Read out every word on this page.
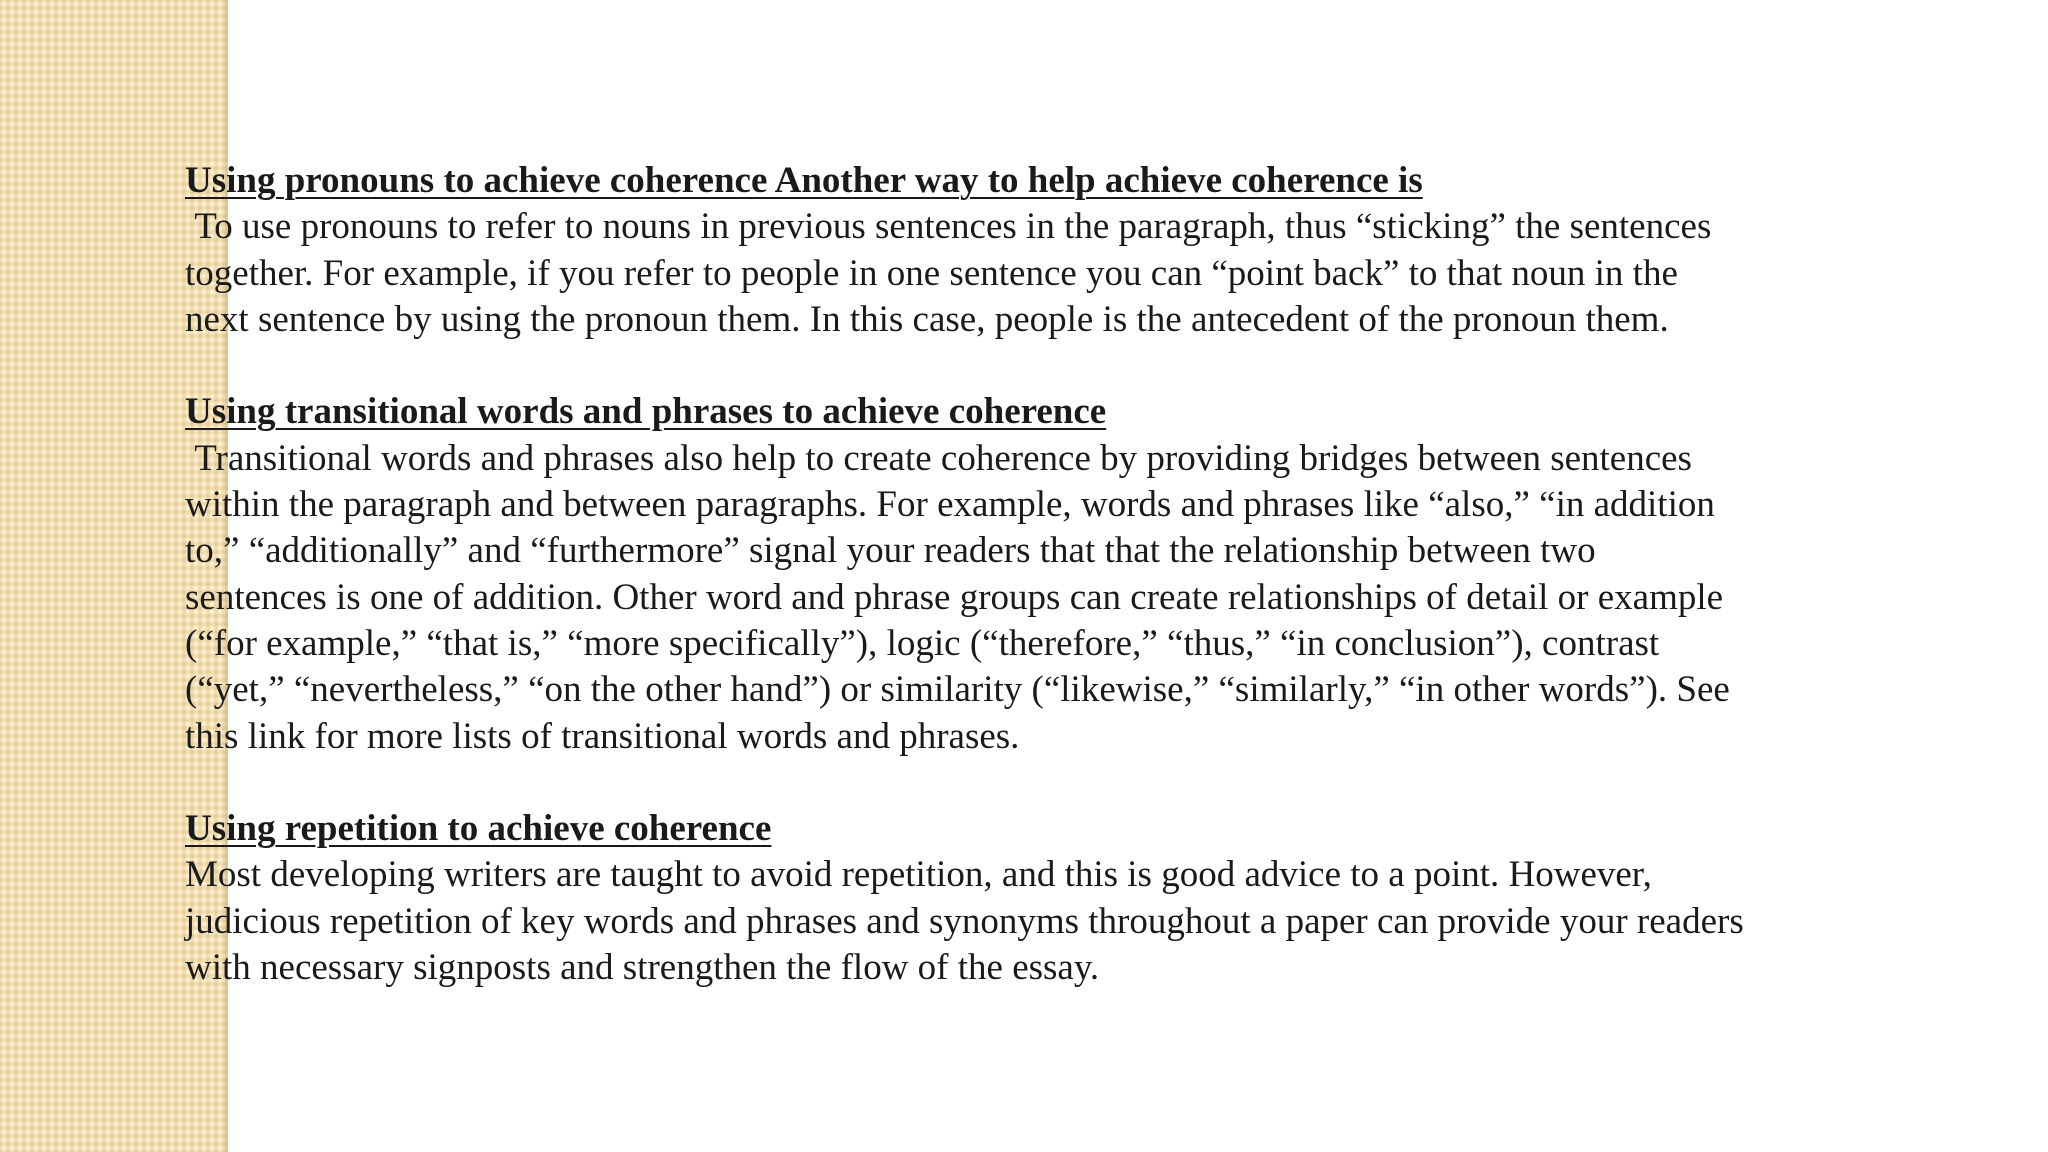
Using pronouns to achieve coherence Another way to help achieve coherence is
To use pronouns to refer to nouns in previous sentences in the paragraph, thus “sticking” the sentences together. For example, if you refer to people in one sentence you can “point back” to that noun in the next sentence by using the pronoun them. In this case, people is the antecedent of the pronoun them.
Using transitional words and phrases to achieve coherence
Transitional words and phrases also help to create coherence by providing bridges between sentences within the paragraph and between paragraphs. For example, words and phrases like “also,” “in addition to,” “additionally” and “furthermore” signal your readers that that the relationship between two sentences is one of addition. Other word and phrase groups can create relationships of detail or example (“for example,” “that is,” “more specifically”), logic (“therefore,” “thus,” “in conclusion”), contrast (“yet,” “nevertheless,” “on the other hand”) or similarity (“likewise,” “similarly,” “in other words”). See this link for more lists of transitional words and phrases.
Using repetition to achieve coherence
Most developing writers are taught to avoid repetition, and this is good advice to a point. However, judicious repetition of key words and phrases and synonyms throughout a paper can provide your readers with necessary signposts and strengthen the flow of the essay.
